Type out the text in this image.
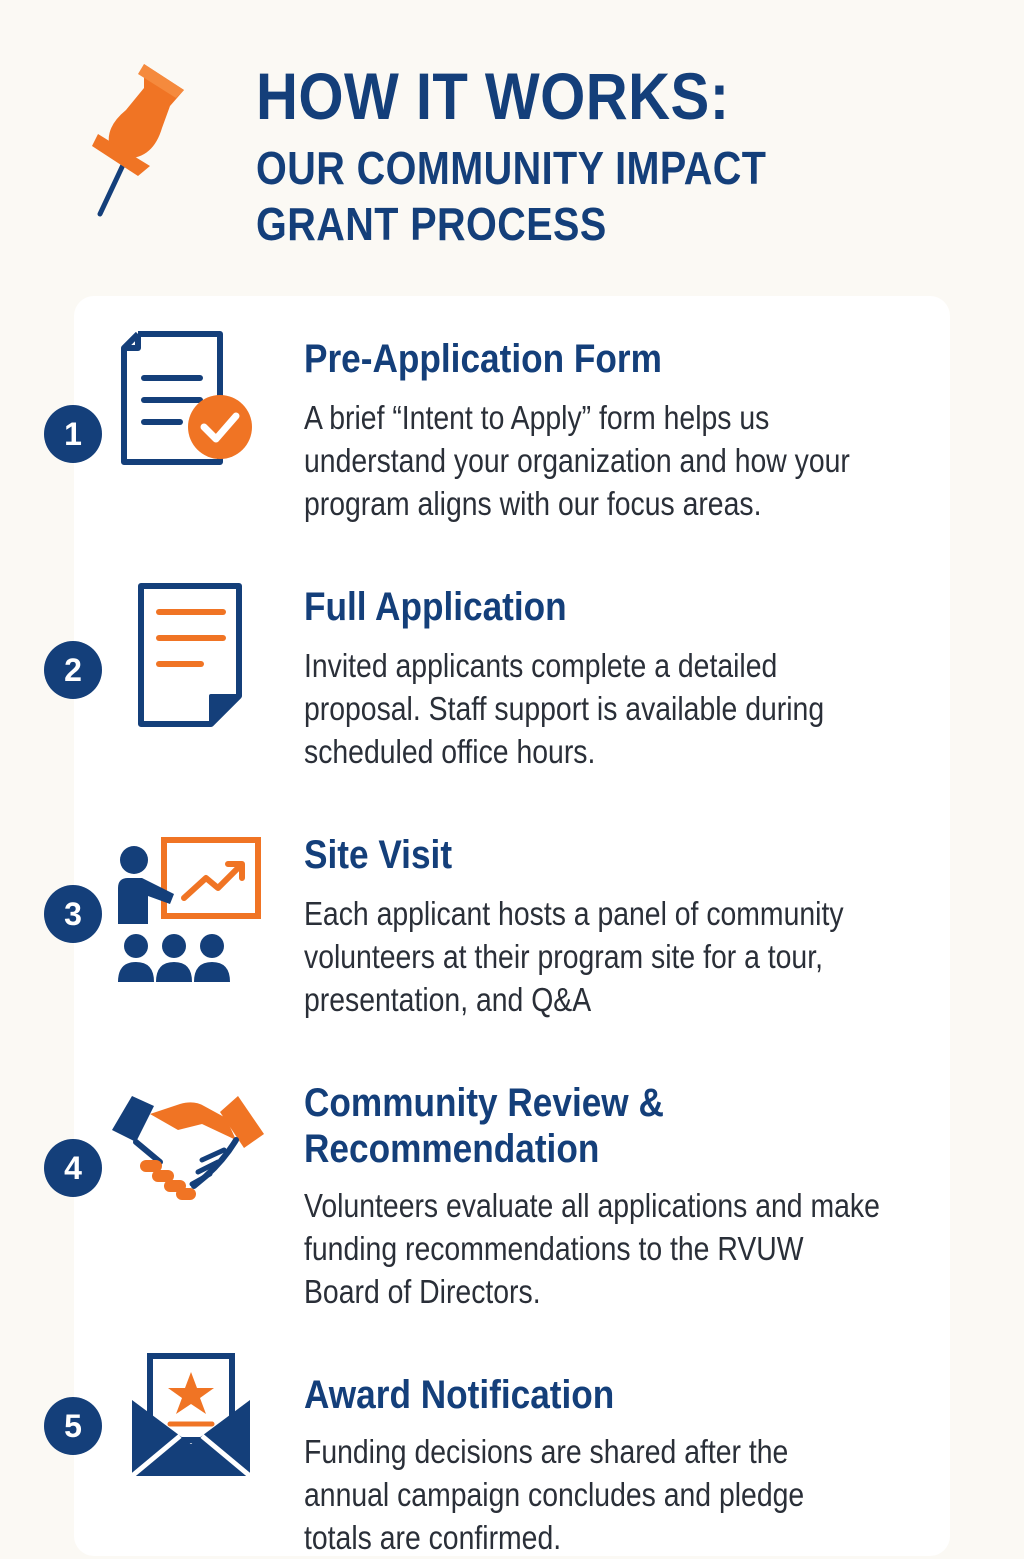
HOW IT WORKS:
OUR COMMUNITY IMPACT
GRANT PROCESS
1
Pre-Application Form

A brief “Intent to Apply” form helps us
understand your organization and how your
program aligns with our focus areas.

2
Full Application

Invited applicants complete a detailed
proposal. Staff support is available during
scheduled office hours.

3
Site Visit

Each applicant hosts a panel of community
volunteers at their program site for a tour,
presentation, and Q&A

4
Community Review &
Recommendation

Volunteers evaluate all applications and make
funding recommendations to the RVUW
Board of Directors.

5
Award Notification

Funding decisions are shared after the
annual campaign concludes and pledge
totals are confirmed.
